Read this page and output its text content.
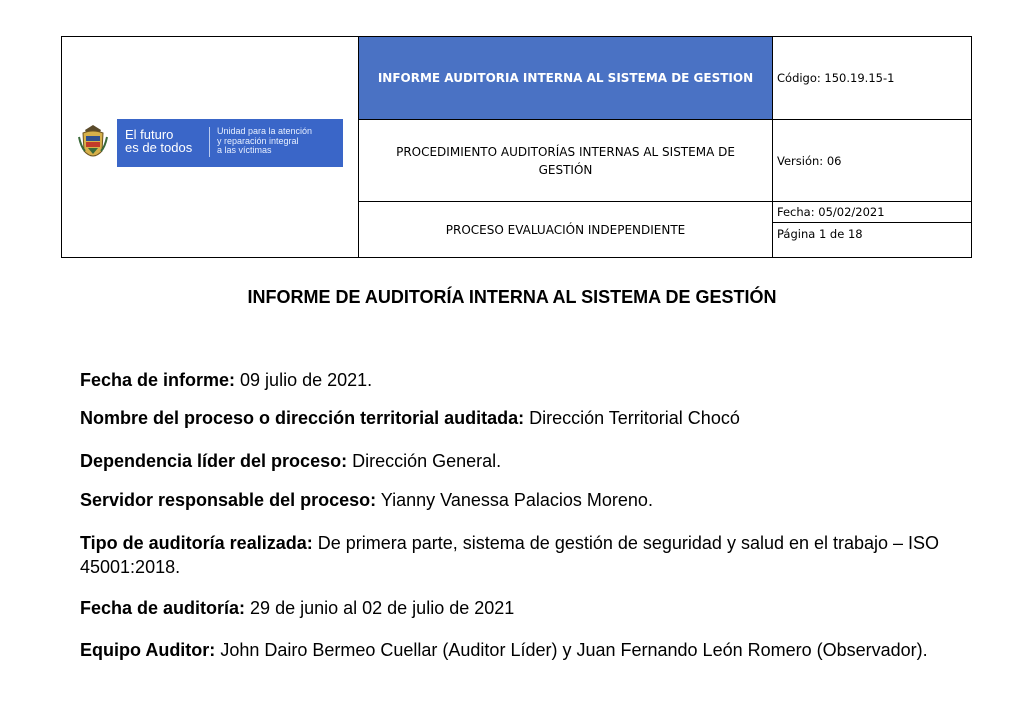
INFORME AUDITORIA INTERNA AL SISTEMA DE GESTION	Código: 150.19.15-1
PROCEDIMIENTO AUDITORÍAS INTERNAS AL SISTEMA DE GESTIÓN
Versión: 06
PROCESO EVALUACIÓN INDEPENDIENTE
Fecha: 05/02/2021
Página 1 de 18
El futuro
es de todos
Unidad para la atención
y reparación integral
a las víctimas
INFORME DE AUDITORÍA INTERNA AL SISTEMA DE GESTIÓN
Fecha de informe: 09 julio de 2021.
Nombre del proceso o dirección territorial auditada: Dirección Territorial Chocó
Dependencia líder del proceso: Dirección General.
Servidor responsable del proceso: Yianny Vanessa Palacios Moreno.
Tipo de auditoría realizada: De primera parte, sistema de gestión de seguridad y salud en el trabajo – ISO 45001:2018.
Fecha de auditoría: 29 de junio al 02 de julio de 2021
Equipo Auditor: John Dairo Bermeo Cuellar (Auditor Líder) y Juan Fernando León Romero (Observador).
